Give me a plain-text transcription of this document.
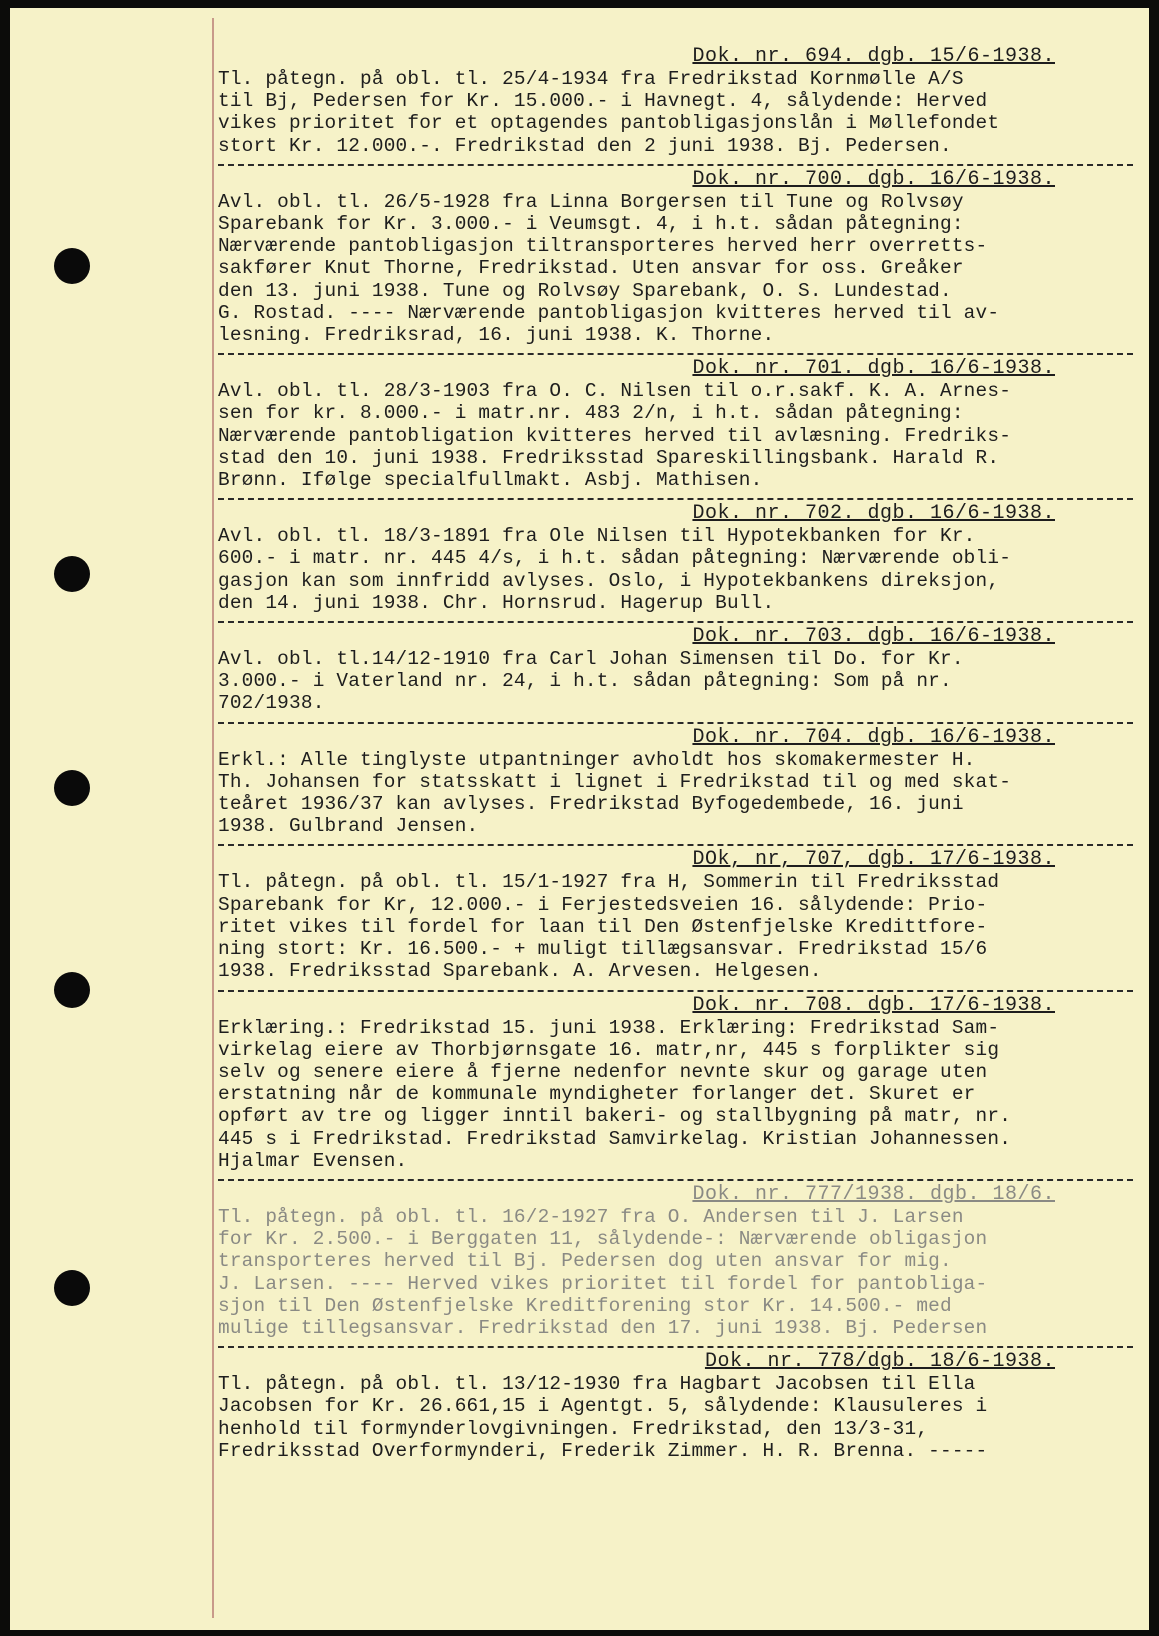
Dok. nr. 694. dgb. 15/6-1938.
Tl. påtegn. på obl. tl. 25/4-1934 fra Fredrikstad Kornmølle A/S
til Bj, Pedersen for Kr. 15.000.- i Havnegt. 4, sålydende: Herved
vikes prioritet for et optagendes pantobligasjonslån i Møllefondet
stort Kr. 12.000.-. Fredrikstad den 2 juni 1938. Bj. Pedersen.
Dok. nr. 700. dgb. 16/6-1938.
Avl. obl. tl. 26/5-1928 fra Linna Borgersen til Tune og Rolvsøy
Sparebank for Kr. 3.000.- i Veumsgt. 4, i h.t. sådan påtegning:
Nærværende pantobligasjon tiltransporteres herved herr overretts-
sakfører Knut Thorne, Fredrikstad. Uten ansvar for oss. Greåker
den 13. juni 1938. Tune og Rolvsøy Sparebank, O. S. Lundestad.
G. Rostad. ---- Nærværende pantobligasjon kvitteres herved til av-
lesning. Fredriksrad, 16. juni 1938. K. Thorne.
Dok. nr. 701. dgb. 16/6-1938.
Avl. obl. tl. 28/3-1903 fra O. C. Nilsen til o.r.sakf. K. A. Arnes-
sen for kr. 8.000.- i matr.nr. 483 2/n, i h.t. sådan påtegning:
Nærværende pantobligation kvitteres herved til avlæsning. Fredriks-
stad den 10. juni 1938. Fredriksstad Spareskillingsbank. Harald R.
Brønn. Ifølge specialfullmakt. Asbj. Mathisen.
Dok. nr. 702. dgb. 16/6-1938.
Avl. obl. tl. 18/3-1891 fra Ole Nilsen til Hypotekbanken for Kr.
600.- i matr. nr. 445 4/s, i h.t. sådan påtegning: Nærværende obli-
gasjon kan som innfridd avlyses. Oslo, i Hypotekbankens direksjon,
den 14. juni 1938. Chr. Hornsrud. Hagerup Bull.
Dok. nr. 703. dgb. 16/6-1938.
Avl. obl. tl.14/12-1910 fra Carl Johan Simensen til Do. for Kr.
3.000.- i Vaterland nr. 24, i h.t. sådan påtegning: Som på nr.
702/1938.
Dok. nr. 704. dgb. 16/6-1938.
Erkl.: Alle tinglyste utpantninger avholdt hos skomakermester H.
Th. Johansen for statsskatt i lignet i Fredrikstad til og med skat-
teåret 1936/37 kan avlyses. Fredrikstad Byfogedembede, 16. juni
1938. Gulbrand Jensen.
DOk, nr, 707, dgb. 17/6-1938.
Tl. påtegn. på obl. tl. 15/1-1927 fra H, Sommerin til Fredriksstad
Sparebank for Kr, 12.000.- i Ferjestedsveien 16. sålydende: Prio-
ritet vikes til fordel for laan til Den Østenfjelske Kredittfore-
ning stort: Kr. 16.500.- + muligt tillægsansvar. Fredrikstad 15/6
1938. Fredriksstad Sparebank. A. Arvesen. Helgesen.
Dok. nr. 708. dgb. 17/6-1938.
Erklæring.: Fredrikstad 15. juni 1938. Erklæring: Fredrikstad Sam-
virkelag eiere av Thorbjørnsgate 16. matr,nr, 445 s forplikter sig
selv og senere eiere å fjerne nedenfor nevnte skur og garage uten
erstatning når de kommunale myndigheter forlanger det. Skuret er
opført av tre og ligger inntil bakeri- og stallbygning på matr, nr.
445 s i Fredrikstad. Fredrikstad Samvirkelag. Kristian Johannessen.
Hjalmar Evensen.
Dok. nr. 777/1938. dgb. 18/6.
Tl. påtegn. på obl. tl. 16/2-1927 fra O. Andersen til J. Larsen
for Kr. 2.500.- i Berggaten 11, sålydende-: Nærværende obligasjon
transporteres herved til Bj. Pedersen dog uten ansvar for mig.
J. Larsen. ---- Herved vikes prioritet til fordel for pantobliga-
sjon til Den Østenfjelske Kreditforening stor Kr. 14.500.- med
mulige tillegsansvar. Fredrikstad den 17. juni 1938. Bj. Pedersen
Dok. nr. 778/dgb. 18/6-1938.
Tl. påtegn. på obl. tl. 13/12-1930 fra Hagbart Jacobsen til Ella
Jacobsen for Kr. 26.661,15 i Agentgt. 5, sålydende: Klausuleres i
henhold til formynderlovgivningen. Fredrikstad, den 13/3-31,
Fredriksstad Overformynderi, Frederik Zimmer. H. R. Brenna. -----
